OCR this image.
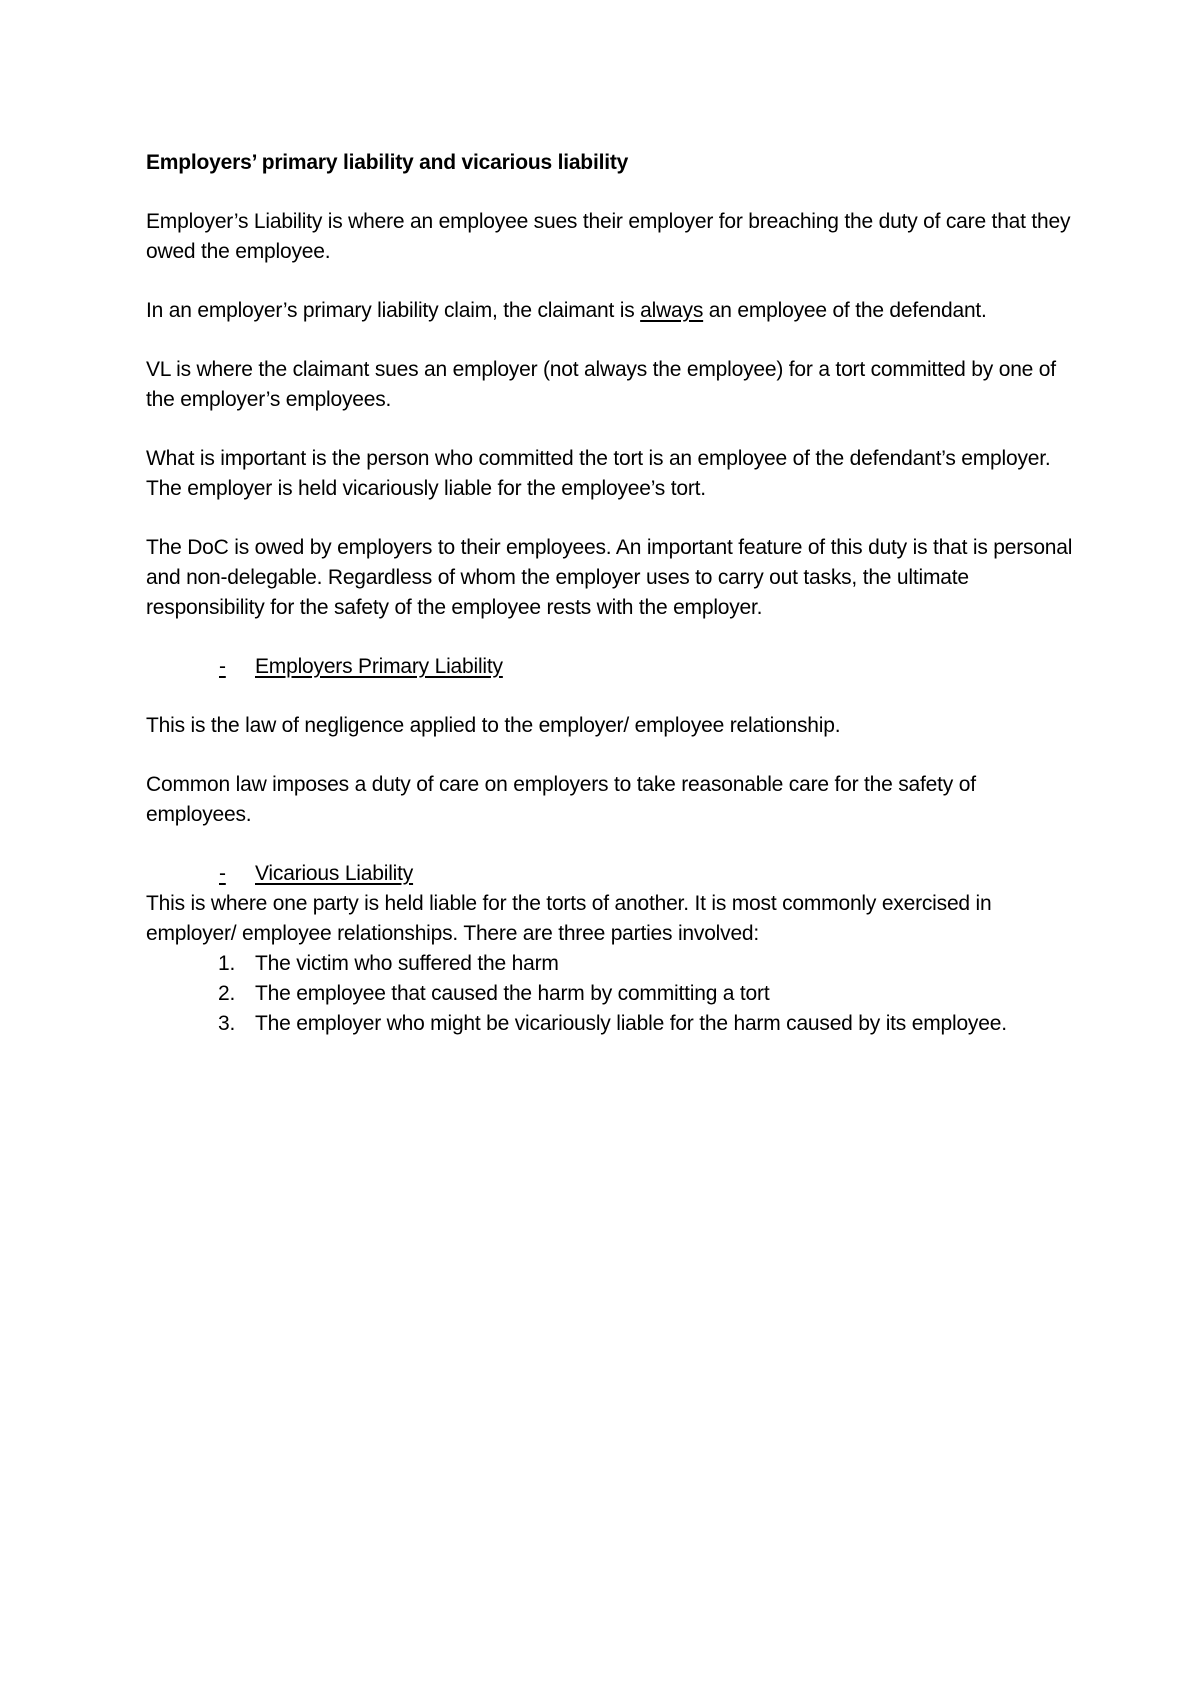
Employers’ primary liability and vicarious liability

Employer’s Liability is where an employee sues their employer for breaching the duty of care that they owed the employee.

In an employer’s primary liability claim, the claimant is always an employee of the defendant.

VL is where the claimant sues an employer (not always the employee) for a tort committed by one of the employer’s employees.

What is important is the person who committed the tort is an employee of the defendant’s employer. The employer is held vicariously liable for the employee’s tort.

The DoC is owed by employers to their employees. An important feature of this duty is that is personal and non-delegable. Regardless of whom the employer uses to carry out tasks, the ultimate responsibility for the safety of the employee rests with the employer.

- Employers Primary Liability

This is the law of negligence applied to the employer/ employee relationship.

Common law imposes a duty of care on employers to take reasonable care for the safety of employees.

- Vicarious Liability

This is where one party is held liable for the torts of another. It is most commonly exercised in employer/ employee relationships. There are three parties involved:

1. The victim who suffered the harm
2. The employee that caused the harm by committing a tort
3. The employer who might be vicariously liable for the harm caused by its employee.
